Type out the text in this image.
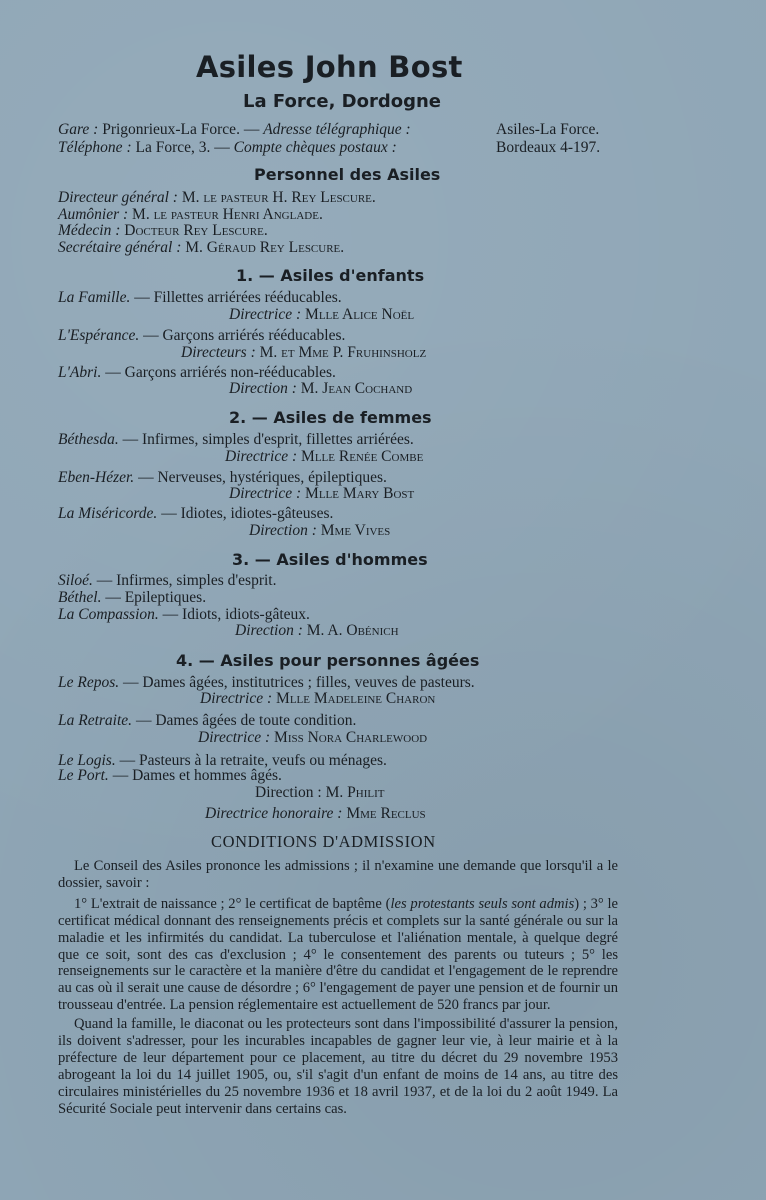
Asiles John Bost
La Force, Dordogne
Gare : Prigonrieux-La Force. — Adresse télégraphique :	Asiles-La Force.
Téléphone : La Force, 3. — Compte chèques postaux :	Bordeaux 4-197.
Personnel des Asiles
Directeur général : M. le pasteur H. Rey Lescure.
Aumônier : M. le pasteur Henri Anglade.
Médecin : Docteur Rey Lescure.
Secrétaire général : M. Géraud Rey Lescure.
1. — Asiles d'enfants
La Famille. — Fillettes arriérées rééducables.
Directrice : Mlle Alice Noël
L'Espérance. — Garçons arriérés rééducables.
Directeurs : M. et Mme P. Fruhinsholz
L'Abri. — Garçons arriérés non-rééducables.
Direction : M. Jean Cochand
2. — Asiles de femmes
Béthesda. — Infirmes, simples d'esprit, fillettes arriérées.
Directrice : Mlle Renée Combe
Eben-Hézer. — Nerveuses, hystériques, épileptiques.
Directrice : Mlle Mary Bost
La Miséricorde. — Idiotes, idiotes-gâteuses.
Direction : Mme Vives
3. — Asiles d'hommes
Siloé. — Infirmes, simples d'esprit.
Béthel. — Epileptiques.
La Compassion. — Idiots, idiots-gâteux.
Direction : M. A. Obénich
4. — Asiles pour personnes âgées
Le Repos. — Dames âgées, institutrices ; filles, veuves de pasteurs.
Directrice : Mlle Madeleine Charon
La Retraite. — Dames âgées de toute condition.
Directrice : Miss Nora Charlewood
Le Logis. — Pasteurs à la retraite, veufs ou ménages.
Le Port. — Dames et hommes âgés.
Direction : M. Philit
Directrice honoraire : Mme Reclus
CONDITIONS D'ADMISSION

Le Conseil des Asiles prononce les admissions ; il n'examine une demande que lorsqu'il a le dossier, savoir :

1° L'extrait de naissance ; 2° le certificat de baptême (les protestants seuls sont admis) ; 3° le certificat médical donnant des renseignements précis et complets sur la santé générale ou sur la maladie et les infirmités du candidat. La tuberculose et l'aliénation mentale, à quelque degré que ce soit, sont des cas d'exclusion ; 4° le consentement des parents ou tuteurs ; 5° les renseignements sur le caractère et la manière d'être du candidat et l'engagement de le reprendre au cas où il serait une cause de désordre ; 6° l'engagement de payer une pension et de fournir un trousseau d'entrée. La pension réglementaire est actuellement de 520 francs par jour.

Quand la famille, le diaconat ou les protecteurs sont dans l'impossibilité d'assurer la pension, ils doivent s'adresser, pour les incurables incapables de gagner leur vie, à leur mairie et à la préfecture de leur département pour ce placement, au titre du décret du 29 novembre 1953 abrogeant la loi du 14 juillet 1905, ou, s'il s'agit d'un enfant de moins de 14 ans, au titre des circulaires ministérielles du 25 novembre 1936 et 18 avril 1937, et de la loi du 2 août 1949. La Sécurité Sociale peut intervenir dans certains cas.
